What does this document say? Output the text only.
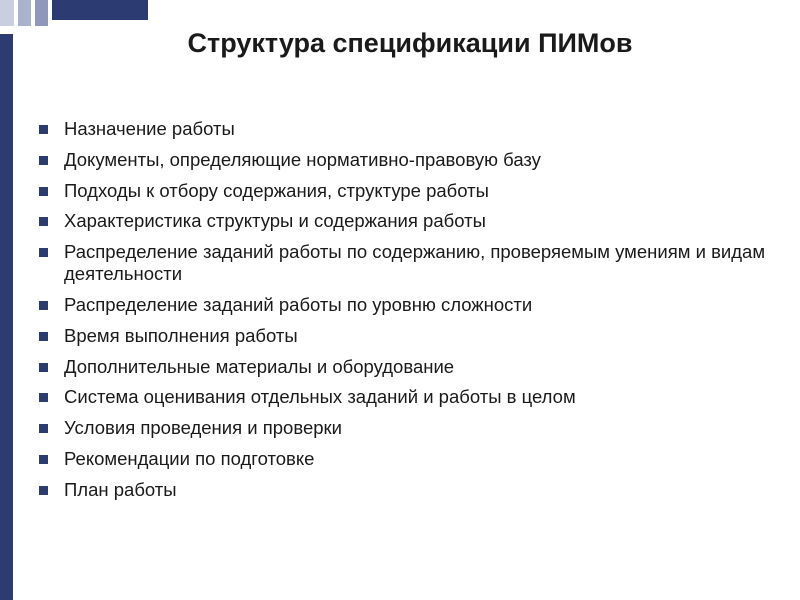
Структура спецификации ПИМов
Назначение работы
Документы, определяющие нормативно-правовую базу
Подходы к отбору содержания, структуре работы
Характеристика структуры и содержания работы
Распределение заданий работы по содержанию, проверяемым умениям и видам деятельности
Распределение заданий работы по уровню сложности
Время выполнения работы
Дополнительные материалы и оборудование
Система оценивания отдельных заданий и работы в целом
Условия проведения и проверки
Рекомендации по подготовке
План работы
